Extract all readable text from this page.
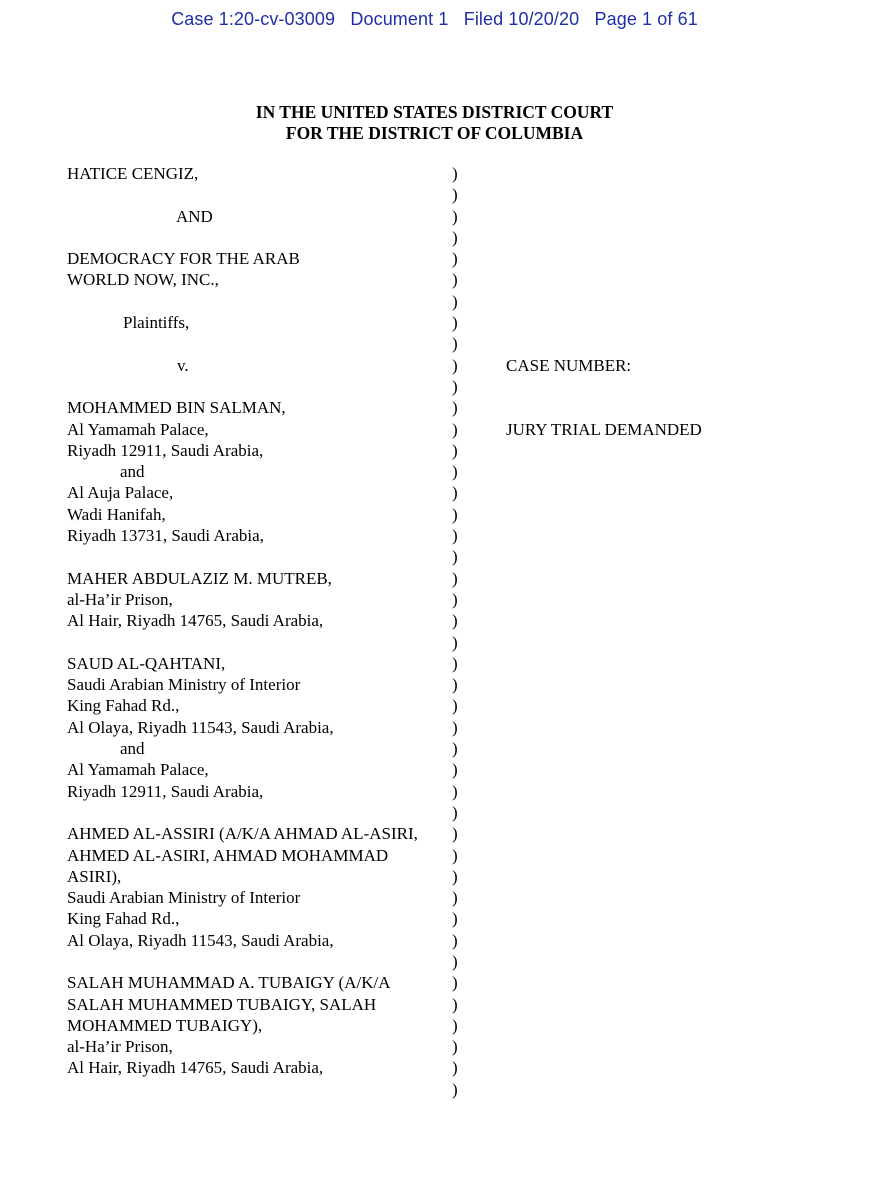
Case 1:20-cv-03009   Document 1   Filed 10/20/20   Page 1 of 61
IN THE UNITED STATES DISTRICT COURT
FOR THE DISTRICT OF COLUMBIA
HATICE CENGIZ,	)
)
AND	)
)
DEMOCRACY FOR THE ARAB	)
WORLD NOW, INC.,	)
)
Plaintiffs,	)
)
v.	)	CASE NUMBER:
)
MOHAMMED BIN SALMAN,	)
Al Yamamah Palace,	)	JURY TRIAL DEMANDED
Riyadh 12911, Saudi Arabia,	)
and	)
Al Auja Palace,	)
Wadi Hanifah,	)
Riyadh 13731, Saudi Arabia,	)
)
MAHER ABDULAZIZ M. MUTREB,	)
al-Ha’ir Prison,	)
Al Hair, Riyadh 14765, Saudi Arabia,	)
)
SAUD AL-QAHTANI,	)
Saudi Arabian Ministry of Interior	)
King Fahad Rd.,	)
Al Olaya, Riyadh 11543, Saudi Arabia,	)
and	)
Al Yamamah Palace,	)
Riyadh 12911, Saudi Arabia,	)
)
AHMED AL-ASSIRI (A/K/A AHMAD AL-ASIRI, )
AHMED AL-ASIRI, AHMAD MOHAMMAD	)
ASIRI),	)
Saudi Arabian Ministry of Interior	)
King Fahad Rd.,	)
Al Olaya, Riyadh 11543, Saudi Arabia,	)
)
SALAH MUHAMMAD A. TUBAIGY (A/K/A	)
SALAH MUHAMMED TUBAIGY, SALAH	)
MOHAMMED TUBAIGY),	)
al-Ha’ir Prison,	)
Al Hair, Riyadh 14765, Saudi Arabia,	)
)
